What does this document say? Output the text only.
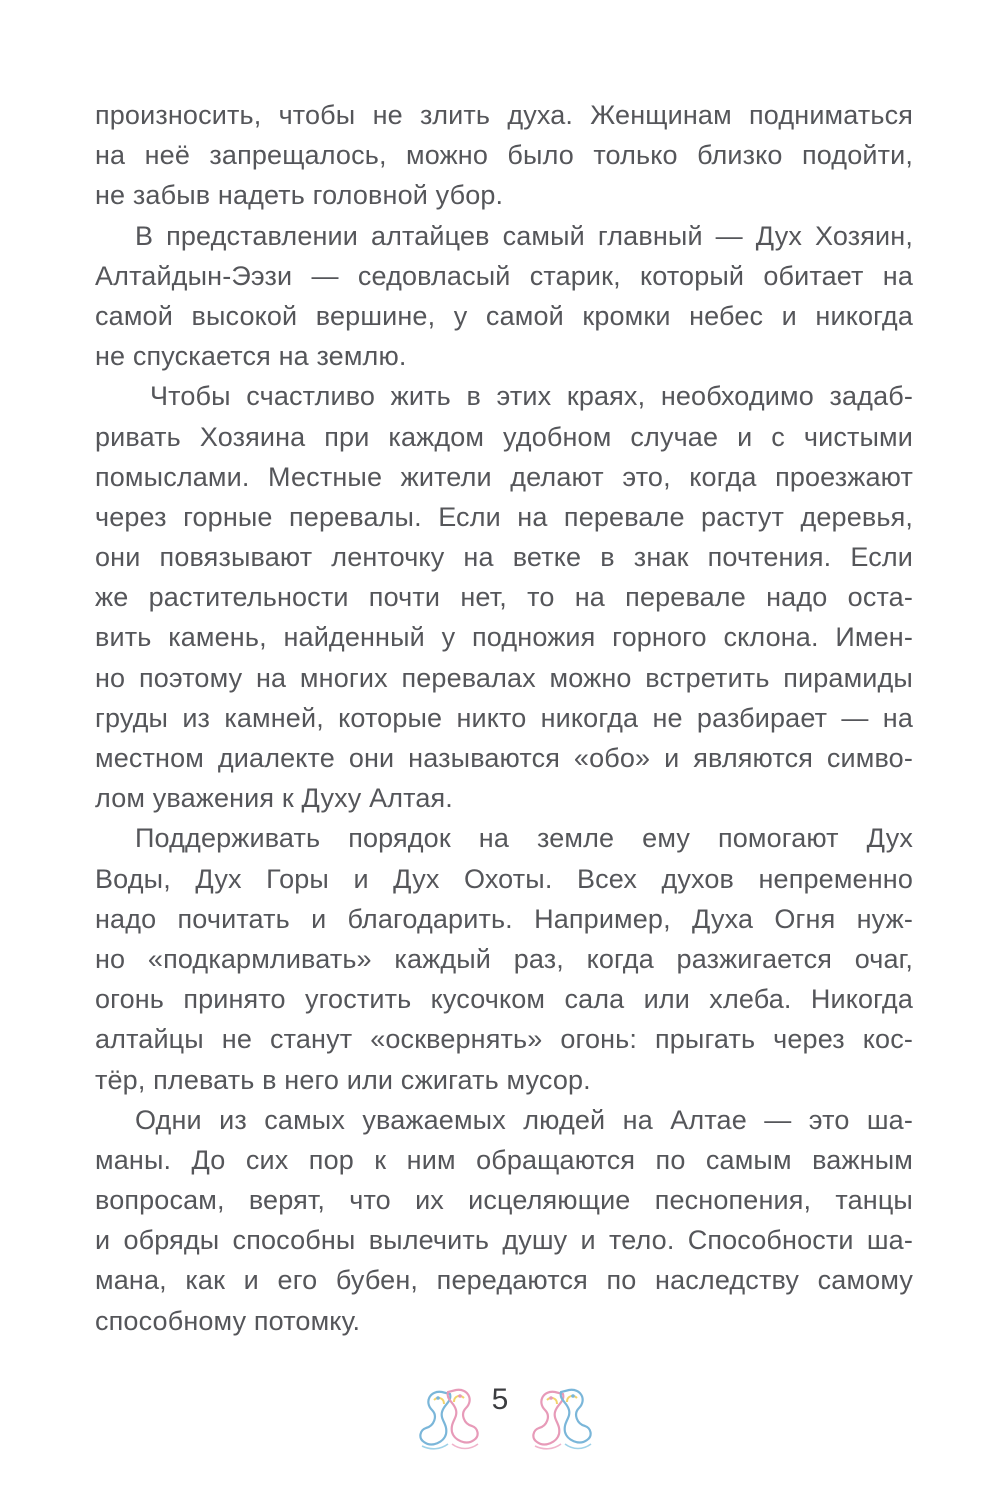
произносить, чтобы не злить духа. Женщинам подниматься
на неё запрещалось, можно было только близко подойти,
не забыв надеть головной убор.
В представлении алтайцев самый главный — Дух Хозяин,
Алтайдын-Ээзи — седовласый старик, который обитает на
самой высокой вершине, у самой кромки небес и никогда
не спускается на землю.
Чтобы счастливо жить в этих краях, необходимо задаб-
ривать Хозяина при каждом удобном случае и с чистыми
помыслами. Местные жители делают это, когда проезжают
через горные перевалы. Если на перевале растут деревья,
они повязывают ленточку на ветке в знак почтения. Если
же растительности почти нет, то на перевале надо оста-
вить камень, найденный у подножия горного склона. Имен-
но поэтому на многих перевалах можно встретить пирамиды
груды из камней, которые никто никогда не разбирает — на
местном диалекте они называются «обо» и являются симво-
лом уважения к Духу Алтая.
Поддерживать порядок на земле ему помогают Дух
Воды, Дух Горы и Дух Охоты. Всех духов непременно
надо почитать и благодарить. Например, Духа Огня нуж-
но «подкармливать» каждый раз, когда разжигается очаг,
огонь принято угостить кусочком сала или хлеба. Никогда
алтайцы не станут «осквернять» огонь: прыгать через кос-
тёр, плевать в него или сжигать мусор.
Одни из самых уважаемых людей на Алтае — это ша-
маны. До сих пор к ним обращаются по самым важным
вопросам, верят, что их исцеляющие песнопения, танцы
и обряды способны вылечить душу и тело. Способности ша-
мана, как и его бубен, передаются по наследству самому
способному потомку.
5
